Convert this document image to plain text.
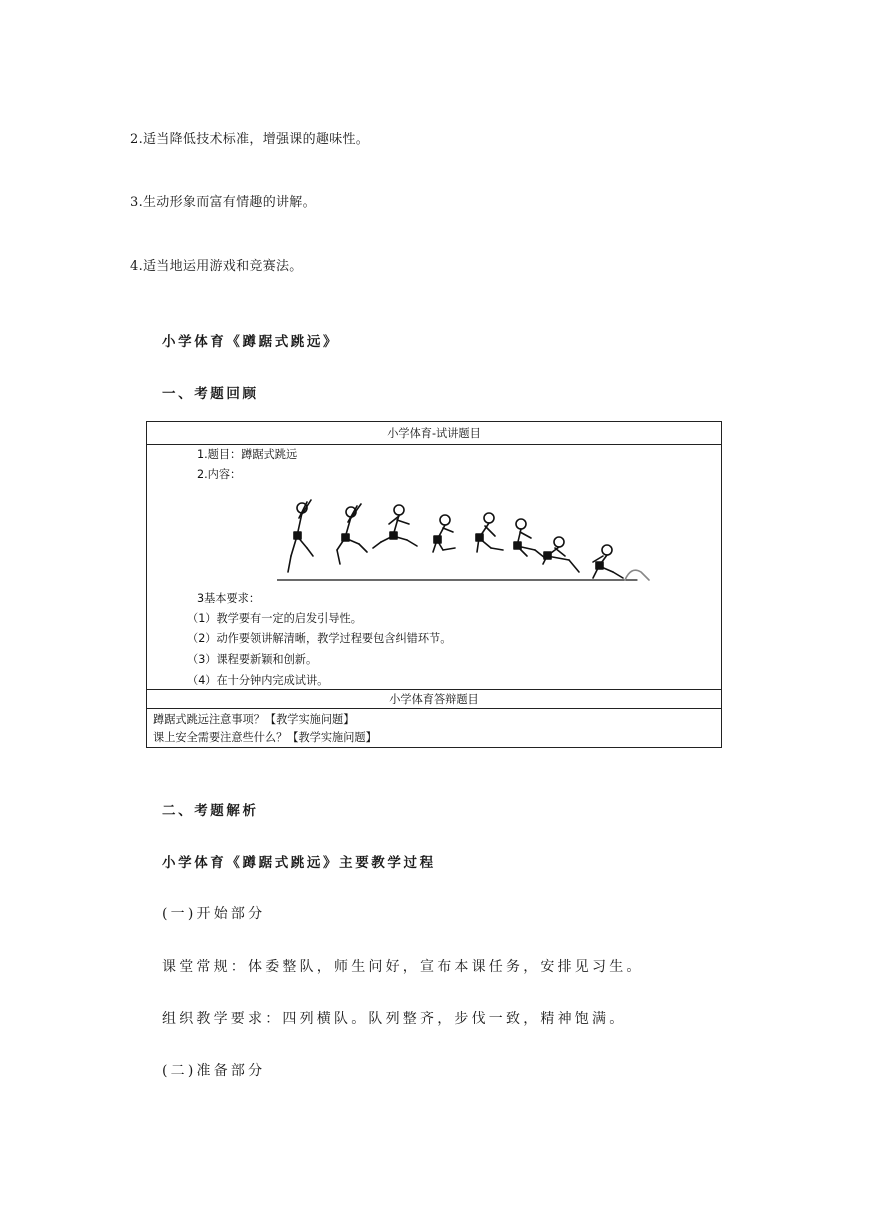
2.适当降低技术标准，增强课的趣味性。
3.生动形象而富有情趣的讲解。
4.适当地运用游戏和竞赛法。
小学体育《蹲踞式跳远》
一、考题回顾
小学体育-试讲题目
1.题目：蹲踞式跳远
2.内容：
3基本要求：
（1）教学要有一定的启发引导性。
（2）动作要领讲解清晰，教学过程要包含纠错环节。
（3）课程要新颖和创新。
（4）在十分钟内完成试讲。
小学体育答辩题目
蹲踞式跳远注意事项？【教学实施问题】
课上安全需要注意些什么？【教学实施问题】
二、考题解析
小学体育《蹲踞式跳远》主要教学过程
(一)开始部分
课堂常规：体委整队，师生问好，宣布本课任务，安排见习生。
组织教学要求：四列横队。队列整齐，步伐一致，精神饱满。
(二)准备部分
